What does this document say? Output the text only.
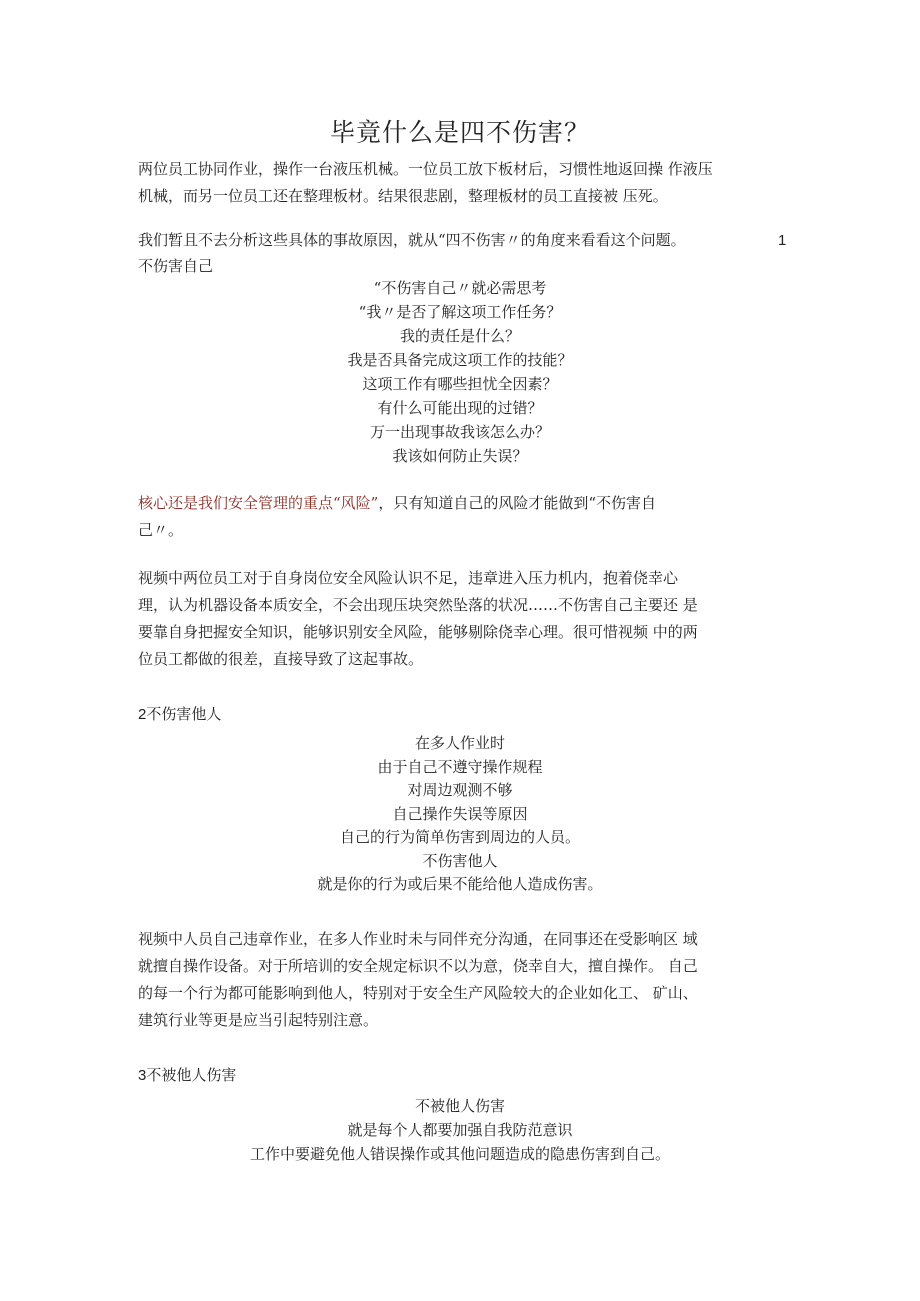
毕竟什么是四不伤害？

两位员工协同作业，操作一台液压机械。一位员工放下板材后，习惯性地返回操 作液压
机械，而另一位员工还在整理板材。结果很悲剧，整理板材的员工直接被 压死。

我们暂且不去分析这些具体的事故原因，就从“四不伤害〃的角度来看看这个问题。	1

不伤害自己

“不伤害自己〃就必需思考
“我〃是否了解这项工作任务？
我的责任是什么？
我是否具备完成这项工作的技能？
这项工作有哪些担忧全因素？
有什么可能出现的过错？
万一出现事故我该怎么办？
我该如何防止失误？

核心还是我们安全管理的重点“风险”，只有知道自己的风险才能做到“不伤害自
己〃。

视频中两位员工对于自身岗位安全风险认识不足，违章进入压力机内，抱着侥幸心
理，认为机器设备本质安全，不会出现压块突然坠落的状况……不伤害自己主要还 是
要靠自身把握安全知识，能够识别安全风险，能够剔除侥幸心理。很可惜视频 中的两
位员工都做的很差，直接导致了这起事故。

2不伤害他人

在多人作业时
由于自己不遵守操作规程
对周边观测不够
自己操作失误等原因
自己的行为简单伤害到周边的人员。
不伤害他人
就是你的行为或后果不能给他人造成伤害。

视频中人员自己违章作业，在多人作业时未与同伴充分沟通，在同事还在受影响区 域
就擅自操作设备。对于所培训的安全规定标识不以为意，侥幸自大，擅自操作。 自己
的每一个行为都可能影响到他人，特别对于安全生产风险较大的企业如化工、 矿山、
建筑行业等更是应当引起特别注意。

3不被他人伤害

不被他人伤害
就是每个人都要加强自我防范意识
工作中要避免他人错误操作或其他问题造成的隐患伤害到自己。
